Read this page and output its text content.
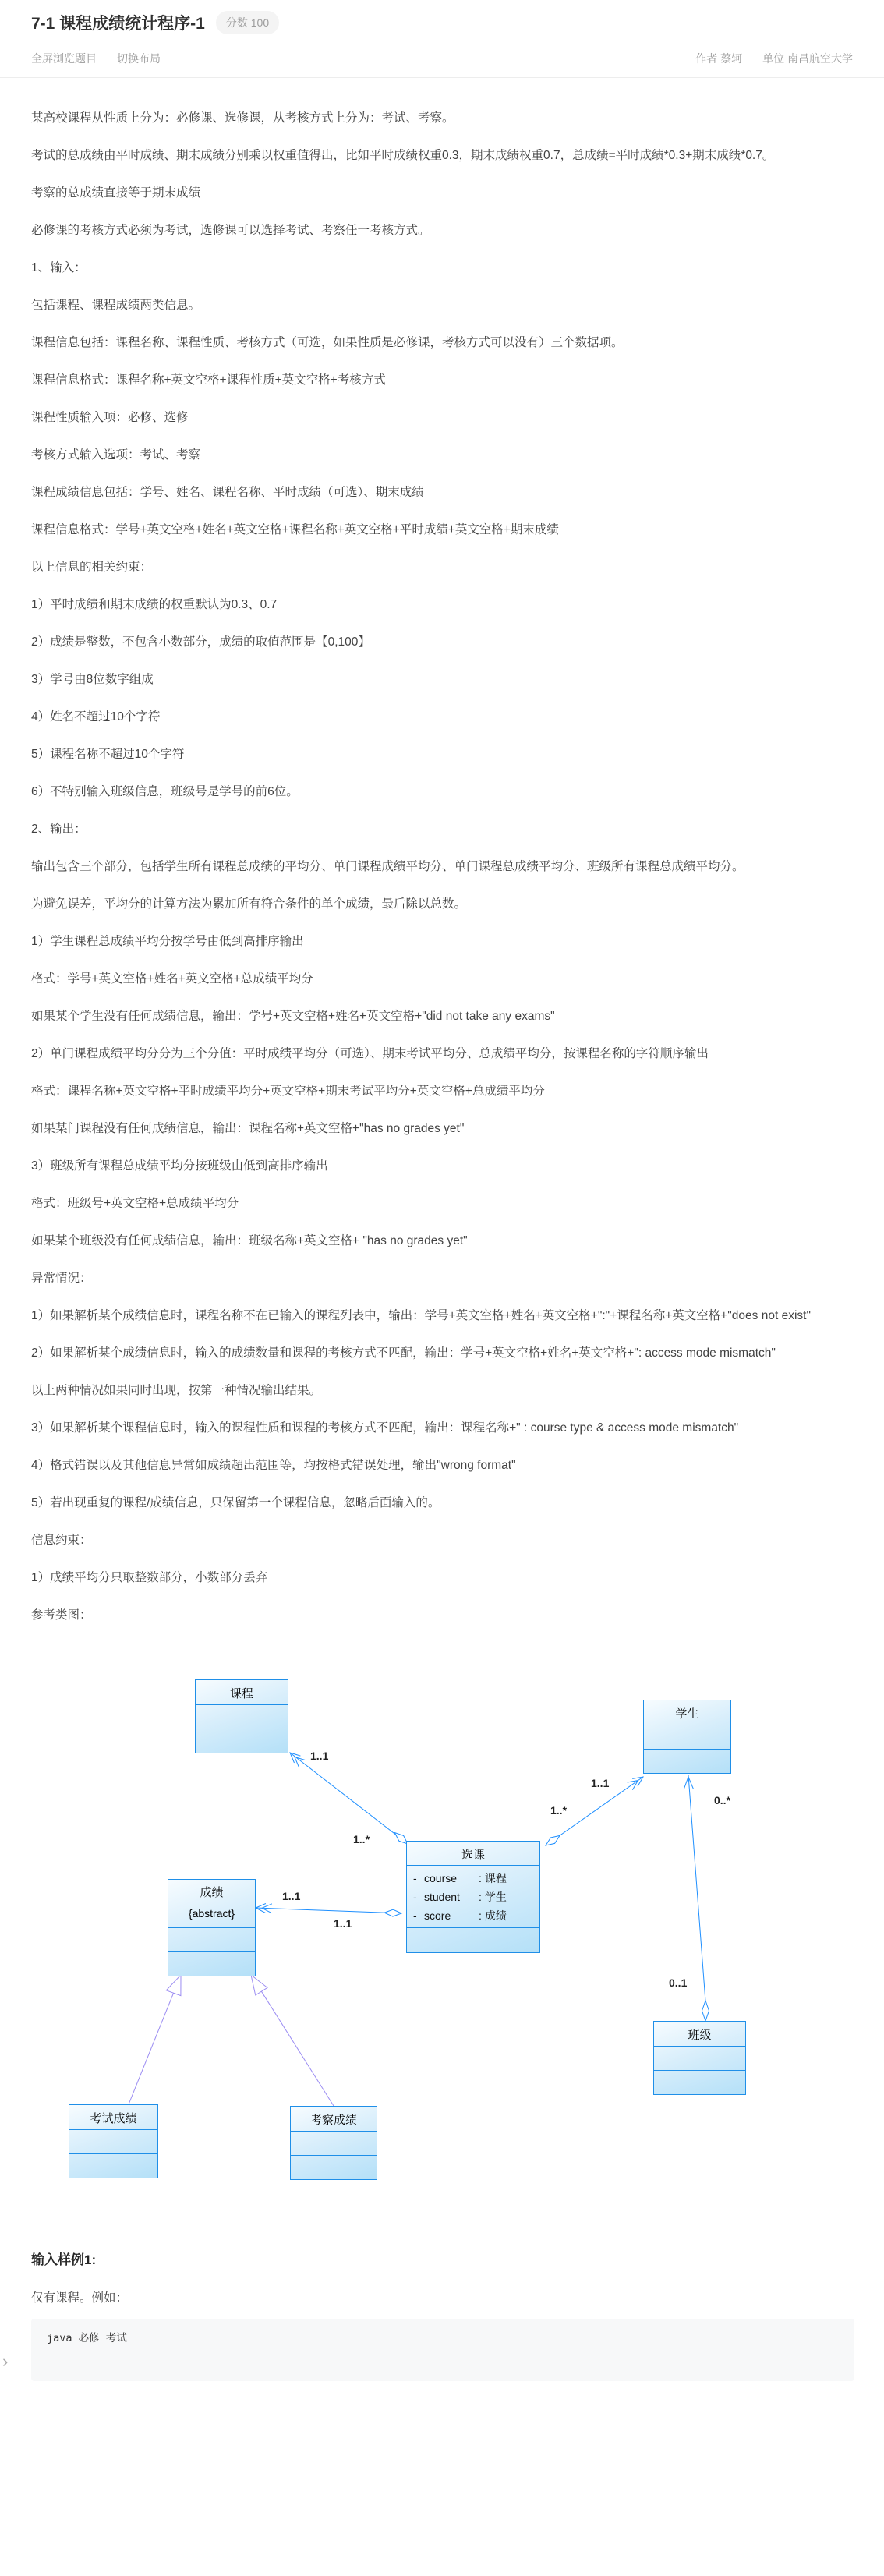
7-1 课程成绩统计程序-1	分数 100
全屏浏览题目 切换布局	作者 蔡轲 单位 南昌航空大学

某高校课程从性质上分为：必修课、选修课，从考核方式上分为：考试、考察。

考试的总成绩由平时成绩、期末成绩分别乘以权重值得出，比如平时成绩权重0.3，期末成绩权重0.7，总成绩=平时成绩*0.3+期末成绩*0.7。

考察的总成绩直接等于期末成绩

必修课的考核方式必须为考试，选修课可以选择考试、考察任一考核方式。

1、输入：

包括课程、课程成绩两类信息。

课程信息包括：课程名称、课程性质、考核方式（可选，如果性质是必修课，考核方式可以没有）三个数据项。

课程信息格式：课程名称+英文空格+课程性质+英文空格+考核方式

课程性质输入项：必修、选修

考核方式输入选项：考试、考察

课程成绩信息包括：学号、姓名、课程名称、平时成绩（可选）、期末成绩

课程信息格式：学号+英文空格+姓名+英文空格+课程名称+英文空格+平时成绩+英文空格+期末成绩

以上信息的相关约束：

1）平时成绩和期末成绩的权重默认为0.3、0.7

2）成绩是整数，不包含小数部分，成绩的取值范围是【0,100】

3）学号由8位数字组成

4）姓名不超过10个字符

5）课程名称不超过10个字符

6）不特别输入班级信息，班级号是学号的前6位。

2、输出：

输出包含三个部分，包括学生所有课程总成绩的平均分、单门课程成绩平均分、单门课程总成绩平均分、班级所有课程总成绩平均分。

为避免误差，平均分的计算方法为累加所有符合条件的单个成绩，最后除以总数。

1）学生课程总成绩平均分按学号由低到高排序输出

格式：学号+英文空格+姓名+英文空格+总成绩平均分

如果某个学生没有任何成绩信息，输出：学号+英文空格+姓名+英文空格+"did not take any exams"

2）单门课程成绩平均分分为三个分值：平时成绩平均分（可选）、期末考试平均分、总成绩平均分，按课程名称的字符顺序输出

格式：课程名称+英文空格+平时成绩平均分+英文空格+期末考试平均分+英文空格+总成绩平均分

如果某门课程没有任何成绩信息，输出：课程名称+英文空格+"has no grades yet"

3）班级所有课程总成绩平均分按班级由低到高排序输出

格式：班级号+英文空格+总成绩平均分

如果某个班级没有任何成绩信息，输出：班级名称+英文空格+ "has no grades yet"

异常情况：

1）如果解析某个成绩信息时，课程名称不在已输入的课程列表中，输出：学号+英文空格+姓名+英文空格+":"+课程名称+英文空格+"does not exist"

2）如果解析某个成绩信息时，输入的成绩数量和课程的考核方式不匹配，输出：学号+英文空格+姓名+英文空格+": access mode mismatch"

以上两种情况如果同时出现，按第一种情况输出结果。

3）如果解析某个课程信息时，输入的课程性质和课程的考核方式不匹配，输出：课程名称+" : course type & access mode mismatch"

4）格式错误以及其他信息异常如成绩超出范围等，均按格式错误处理，输出"wrong format"

5）若出现重复的课程/成绩信息，只保留第一个课程信息，忽略后面输入的。

信息约束：

1）成绩平均分只取整数部分，小数部分丢弃

参考类图：

课程
学生
选课
- course	: 课程
- student	: 学生
- score	: 成绩
成绩
{abstract}
班级
考试成绩	考察成绩
1..1
1..*
1..1
1..*
0..*
0..1
1..1
1..1
输入样例1:
仅有课程。例如：
java 必修 考试
›
